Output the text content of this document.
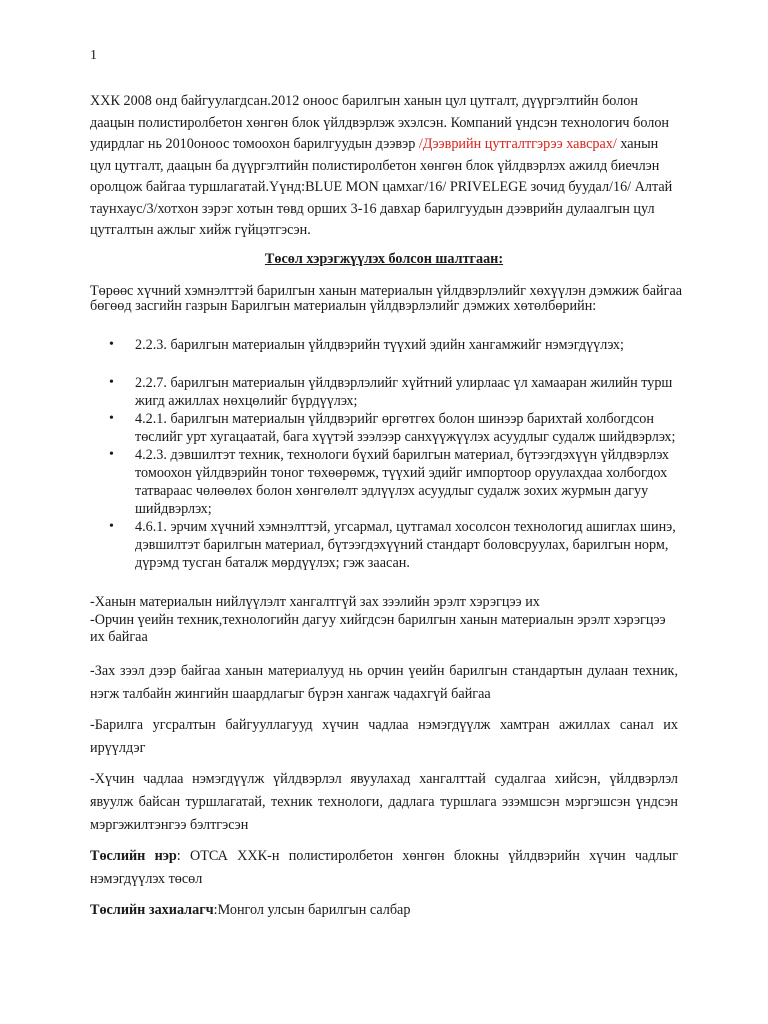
1
ХХК 2008 онд байгуулагдсан.2012 оноос барилгын ханын цул цутгалт, дүүргэлтийн болон даацын полистиролбетон хөнгөн блок үйлдвэрлэж эхэлсэн. Компаний үндсэн технологич болон удирдлаг нь 2010оноос томоохон барилгуудын дээвэр /Дээврийн цутгалтгэрээ хавсрах/ ханын цул цутгалт, даацын ба дүүргэлтийн полистиролбетон хөнгөн блок үйлдвэрлэх ажилд биечлэн оролцож байгаа туршлагатай.Үүнд:BLUE MON цамхаг/16/ PRIVELEGE зочид буудал/16/ Алтай таунхаус/3/хотхон зэрэг хотын төвд орших 3-16 давхар барилгуудын дээврийн дулаалгын цул цутгалтын ажлыг хийж гүйцэтгэсэн.
Төсөл хэрэгжүүлэх болсон шалтгаан:
Төрөөс хүчний хэмнэлттэй барилгын ханын материалын үйлдвэрлэлийг хөхүүлэн дэмжиж байгаа бөгөөд засгийн газрын Барилгын материалын үйлдвэрлэлийг дэмжих хөтөлбөрийн:
• 2.2.3. барилгын материалын үйлдвэрийн түүхий эдийн хангамжийг нэмэгдүүлэх;
• 2.2.7. барилгын материалын үйлдвэрлэлийг хүйтний улирлаас үл хамааран жилийн турш жигд ажиллах нөхцөлийг бүрдүүлэх;
• 4.2.1. барилгын материалын үйлдвэрийг өргөтгөх болон шинээр барихтай холбогдсон төслийг урт хугацаатай, бага хүүтэй зээлээр санхүүжүүлэх асуудлыг судалж шийдвэрлэх;
• 4.2.3. дэвшилтэт техник, технологи бүхий барилгын материал, бүтээгдэхүүн үйлдвэрлэх томоохон үйлдвэрийн тоног төхөөрөмж, түүхий эдийг импортоор оруулахдаа холбогдох татвараас чөлөөлөх болон хөнгөлөлт эдлүүлэх асуудлыг судалж зохих журмын дагуу шийдвэрлэх;
• 4.6.1. эрчим хүчний хэмнэлттэй, угсармал, цутгамал хосолсон технологид ашиглах шинэ, дэвшилтэт барилгын материал, бүтээгдэхүүний стандарт боловсруулах, барилгын норм, дүрэмд тусган баталж мөрдүүлэх; гэж заасан.
-Ханын материалын нийлүүлэлт хангалтгүй зах зээлийн эрэлт хэрэгцээ их
-Орчин үеийн техник,технологийн дагуу хийгдсэн барилгын ханын материалын эрэлт хэрэгцээ их байгаа
-Зах зээл дээр байгаа ханын материалууд нь орчин үеийн барилгын стандартын дулаан техник, нэгж талбайн жингийн шаардлагыг бүрэн хангаж чадахгүй байгаа
-Барилга угсралтын байгууллагууд хүчин чадлаа нэмэгдүүлж хамтран ажиллах санал их ирүүлдэг
-Хүчин чадлаа нэмэгдүүлж үйлдвэрлэл явуулахад хангалттай судалгаа хийсэн, үйлдвэрлэл явуулж байсан туршлагатай, техник технологи, дадлага туршлага эзэмшсэн мэргэшсэн үндсэн мэргэжилтэнгээ бэлтгэсэн
Төслийн нэр: ОТСА ХХК-н полистиролбетон хөнгөн блокны үйлдвэрийн хүчин чадлыг нэмэгдүүлэх төсөл
Төслийн захиалагч:Монгол улсын барилгын салбар
